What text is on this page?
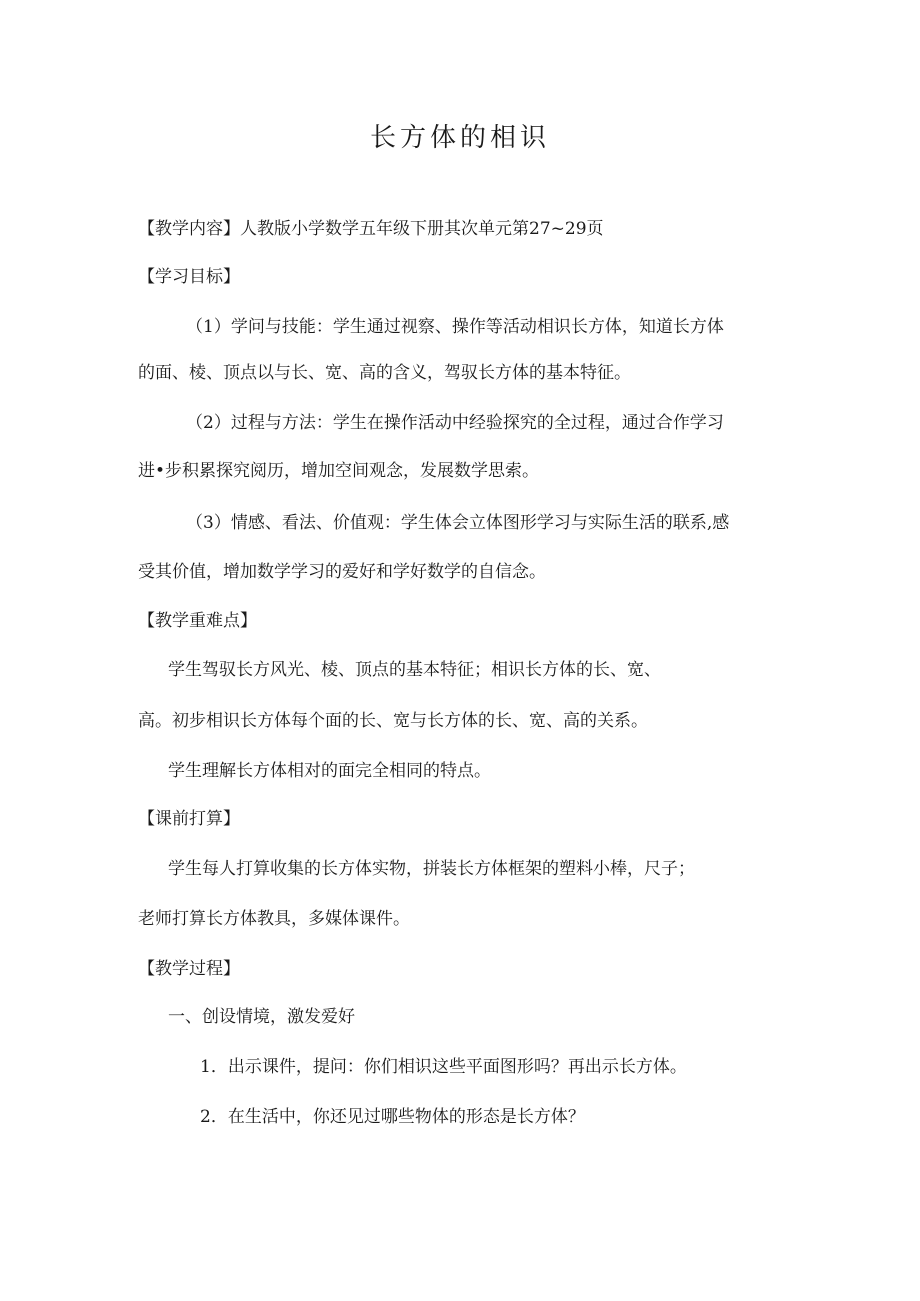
长方体的相识
【教学内容】人教版小学数学五年级下册其次单元第27~29页
【学习目标】
（1）学问与技能：学生通过视察、操作等活动相识长方体，知道长方体
的面、棱、顶点以与长、宽、高的含义，驾驭长方体的基本特征。
（2）过程与方法：学生在操作活动中经验探究的全过程，通过合作学习
进•步积累探究阅历，增加空间观念，发展数学思索。
（3）情感、看法、价值观：学生体会立体图形学习与实际生活的联系,感
受其价值，增加数学学习的爱好和学好数学的自信念。
【教学重难点】
学生驾驭长方风光、棱、顶点的基本特征；相识长方体的长、宽、
高。初步相识长方体每个面的长、宽与长方体的长、宽、高的关系。
学生理解长方体相对的面完全相同的特点。
【课前打算】
学生每人打算收集的长方体实物，拼装长方体框架的塑料小棒，尺子；
老师打算长方体教具，多媒体课件。
【教学过程】
一、创设情境，激发爱好
1．出示课件，提问：你们相识这些平面图形吗？再出示长方体。
2．在生活中，你还见过哪些物体的形态是长方体？
